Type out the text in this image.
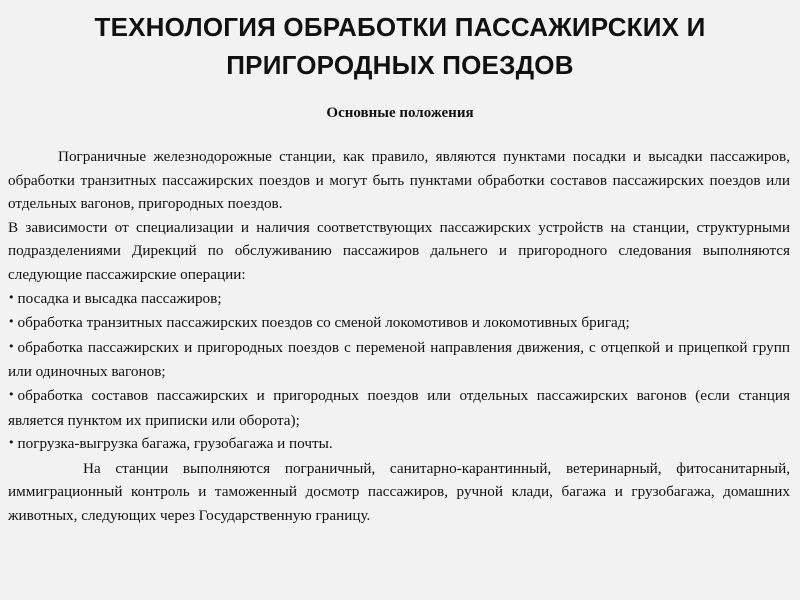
ТЕХНОЛОГИЯ ОБРАБОТКИ ПАССАЖИРСКИХ И
ПРИГОРОДНЫХ ПОЕЗДОВ
Основные положения

Пограничные железнодорожные станции, как правило, являются пунктами посадки и высадки пассажиров, обработки транзитных пассажирских поездов и могут быть пунктами обработки составов пассажирских поездов или отдельных вагонов, пригородных поездов.

В зависимости от специализации и наличия соответствующих пассажирских устройств на станции, структурными подразделениями Дирекций по обслуживанию пассажиров дальнего и пригородного следования выполняются следующие пассажирские операции:

• посадка и высадка пассажиров;
• обработка транзитных пассажирских поездов со сменой локомотивов и локомотивных бригад;
• обработка пассажирских и пригородных поездов с переменой направления движения, с отцепкой и прицепкой групп или одиночных вагонов;
• обработка составов пассажирских и пригородных поездов или отдельных пассажирских вагонов (если станция является пунктом их приписки или оборота);
• погрузка-выгрузка багажа, грузобагажа и почты.

На станции выполняются пограничный, санитарно-карантинный, ветеринарный, фитосанитарный, иммиграционный контроль и таможенный досмотр пассажиров, ручной клади, багажа и грузобагажа, домашних животных, следующих через Государственную границу.
